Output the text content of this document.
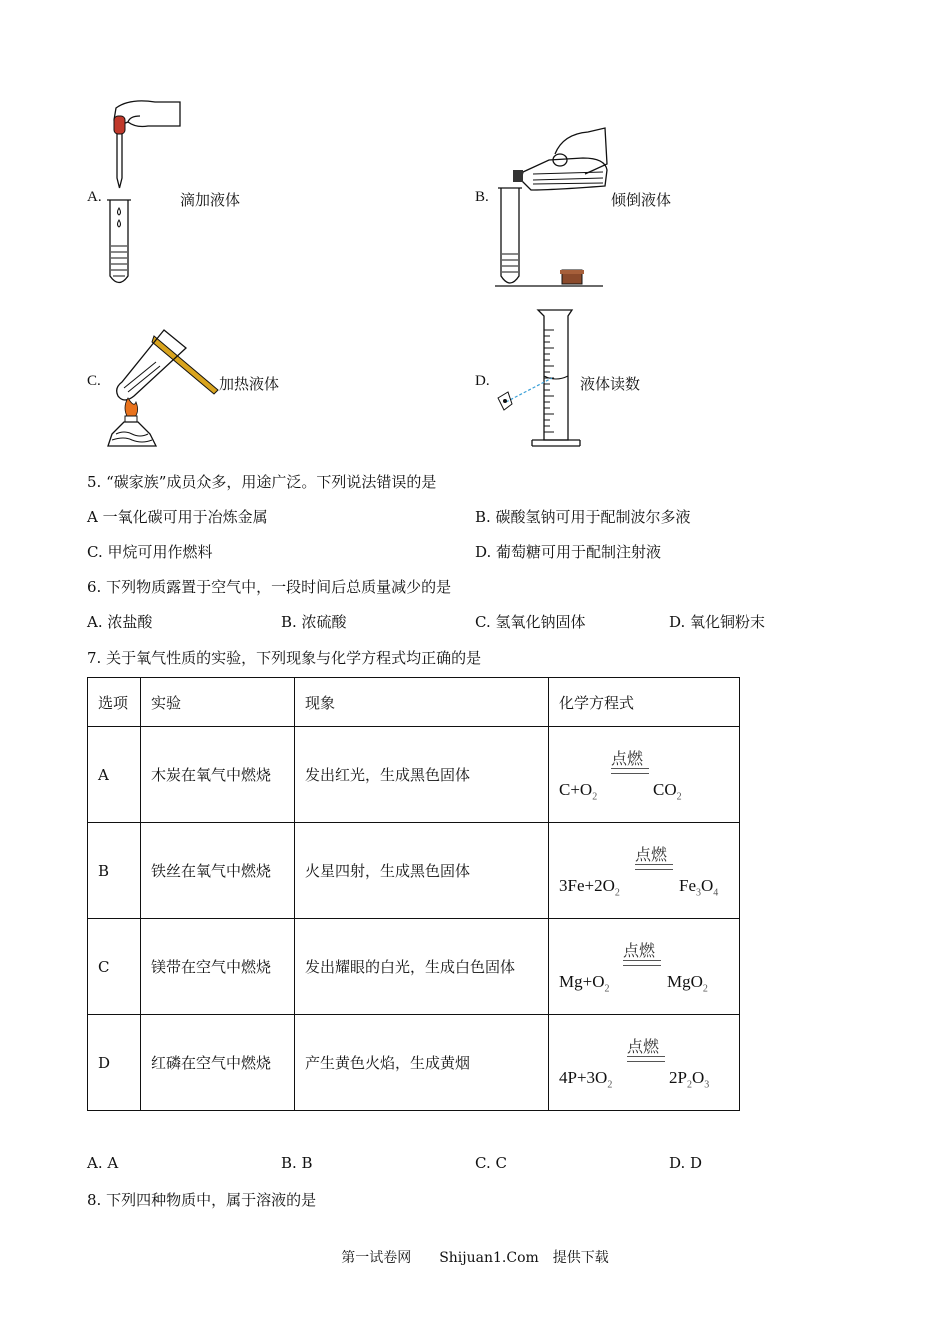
A.	滴加液体	B.	倾倒液体
C.	加热液体	D.	液体读数
5. “碳家族”成员众多，用途广泛。下列说法错误的是
A 一氧化碳可用于冶炼金属	B. 碳酸氢钠可用于配制波尔多液
C. 甲烷可用作燃料	D. 葡萄糖可用于配制注射液
6. 下列物质露置于空气中，一段时间后总质量减少的是
A. 浓盐酸	B. 浓硫酸	C. 氢氧化钠固体	D. 氧化铜粉末
7. 关于氧气性质的实验，下列现象与化学方程式均正确的是
选项	实验	现象	化学方程式
A	木炭在氧气中燃烧	发出红光，生成黑色固体	点燃
$C+O_2$ $CO_2$

B	铁丝在氧气中燃烧	火星四射，生成黑色固体	点燃
$3Fe+2O_2$ $Fe_3O_4$

C	镁带在空气中燃烧	发出耀眼的白光，生成白色固体	点燃
$Mg+O_2$ MgO$_2$

D	红磷在空气中燃烧	产生黄色火焰，生成黄烟	点燃
$4P+3O_2$ $2P_2O_3$
A. A	B. B	C. C	D. D
8. 下列四种物质中，属于溶液的是
第一试卷网　　Shijuan1.Com　提供下载
